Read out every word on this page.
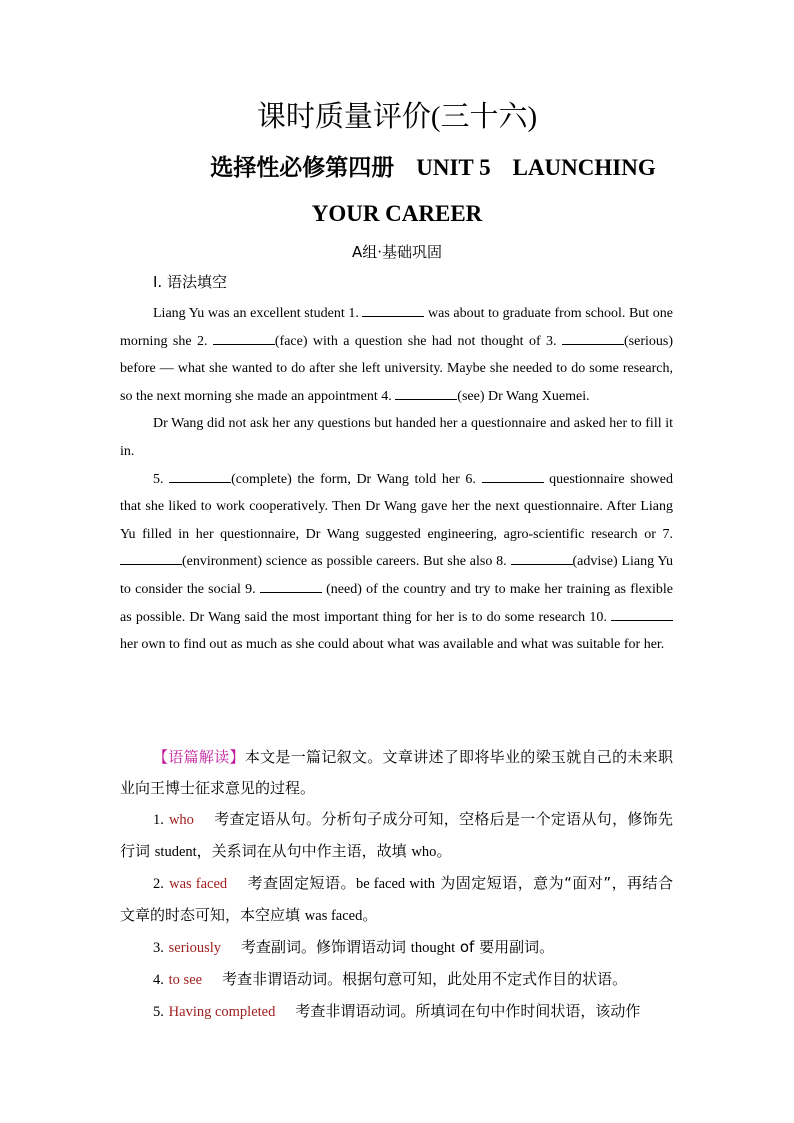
课时质量评价(三十六)
选择性必修第四册 UNIT 5 LAUNCHING
YOUR CAREER
A组·基础巩固
Ⅰ. 语法填空

Liang Yu was an excellent student 1.	was about to graduate from school. But one morning she 2.	(face) with a question she had not thought of 3.	(serious) before — what she wanted to do after she left university. Maybe she needed to do some research, so the next morning she made an appointment 4.	(see) Dr Wang Xuemei.

Dr Wang did not ask her any questions but handed her a questionnaire and asked her to fill it in.

5.	(complete) the form, Dr Wang told her 6.	questionnaire showed that she liked to work cooperatively. Then Dr Wang gave her the next questionnaire. After Liang Yu filled in her questionnaire, Dr Wang suggested engineering, agro-scientific research or 7. (environment) science as possible careers. But she also 8.	(advise) Liang Yu to consider the social 9.	(need) of the country and try to make her training as flexible as possible. Dr Wang said the most important thing for her is to do some research 10.  her own to find out as much as she could about what was available and what was suitable for her.

【语篇解读】本文是一篇记叙文。文章讲述了即将毕业的梁玉就自己的未来职业向王博士征求意见的过程。

1. who 考查定语从句。分析句子成分可知，空格后是一个定语从句，修饰先行词 student，关系词在从句中作主语，故填 who。

2. was faced 考查固定短语。be faced with 为固定短语，意为“面对”，再结合文章的时态可知，本空应填 was faced。

3. seriously 考查副词。修饰谓语动词 thought of 要用副词。

4. to see 考查非谓语动词。根据句意可知，此处用不定式作目的状语。

5. Having completed 考查非谓语动词。所填词在句中作时间状语，该动作
